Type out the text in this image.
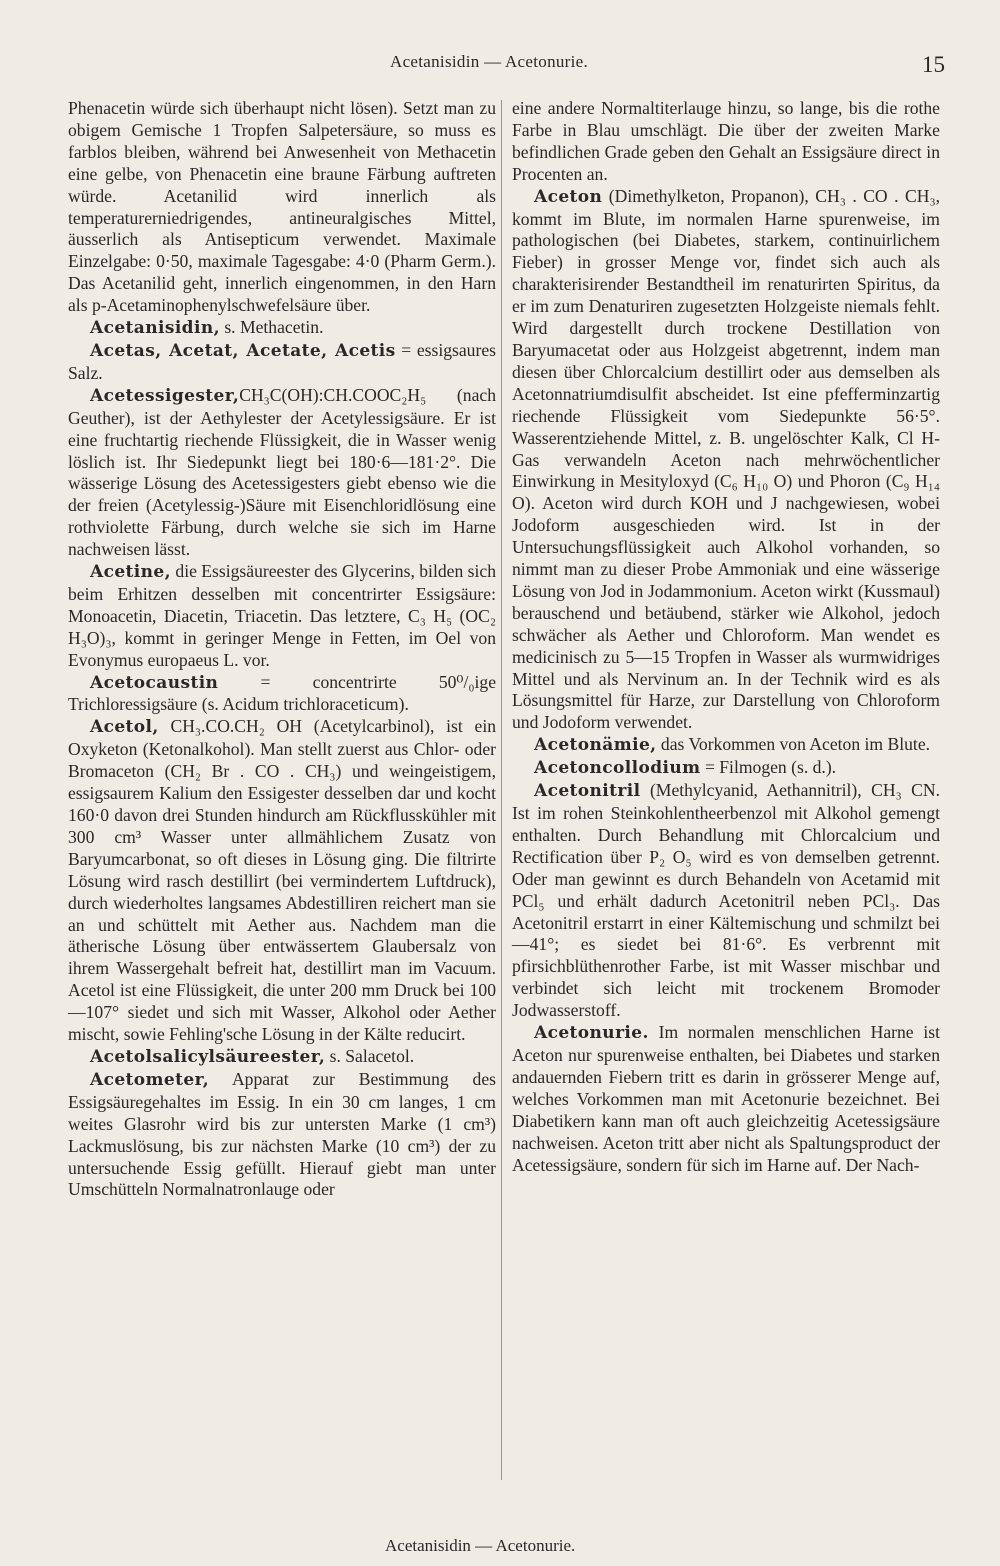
Acetanisidin — Acetonurie.	15

Phenacetin würde sich überhaupt nicht lösen). Setzt man zu obigem Gemische 1 Tropfen Salpetersäure, so muss es farblos bleiben, während bei Anwesenheit von Methacetin eine gelbe, von Phenacetin eine braune Färbung auftreten würde. Acetanilid wird innerlich als temperaturerniedrigendes, antineuralgisches Mittel, äusserlich als Antisepticum verwendet. Maximale Einzelgabe: 0·50, maximale Tagesgabe: 4·0 (Pharm Germ.). Das Acetanilid geht, innerlich eingenommen, in den Harn als p-Acetaminophenylschwefelsäure über.

Acetanisidin, s. Methacetin.

Acetas, Acetat, Acetate, Acetis = essigsaures Salz.

Acetessigester,CH₃C(OH):CH.COOC₂H₅ (nach Geuther), ist der Aethylester der Acetylessigsäure. Er ist eine fruchtartig riechende Flüssigkeit, die in Wasser wenig löslich ist. Ihr Siedepunkt liegt bei 180·6—181·2°. Die wässerige Lösung des Acetessigesters giebt ebenso wie die der freien (Acetylessig-)Säure mit Eisenchloridlösung eine rothviolette Färbung, durch welche sie sich im Harne nachweisen lässt.

Acetine, die Essigsäureester des Glycerins, bilden sich beim Erhitzen desselben mit concentrirter Essigsäure: Monoacetin, Diacetin, Triacetin. Das letztere, C₃ H₅ (OC₂ H₃O)₃, kommt in geringer Menge in Fetten, im Oel von Evonymus europaeus L. vor.

Acetocaustin = concentrirte 50⁰/₀ige Trichloressigsäure (s. Acidum trichloraceticum).

Acetol, CH₃.CO.CH₂ OH (Acetylcarbinol), ist ein Oxyketon (Ketonalkohol). Man stellt zuerst aus Chlor- oder Bromaceton (CH₂ Br . CO . CH₃) und weingeistigem, essigsaurem Kalium den Essigester desselben dar und kocht 160·0 davon drei Stunden hindurch am Rückflusskühler mit 300 cm³ Wasser unter allmählichem Zusatz von Baryumcarbonat, so oft dieses in Lösung ging. Die filtrirte Lösung wird rasch destillirt (bei vermindertem Luftdruck), durch wiederholtes langsames Abdestilliren reichert man sie an und schüttelt mit Aether aus. Nachdem man die ätherische Lösung über entwässertem Glaubersalz von ihrem Wassergehalt befreit hat, destillirt man im Vacuum. Acetol ist eine Flüssigkeit, die unter 200 mm Druck bei 100—107° siedet und sich mit Wasser, Alkohol oder Aether mischt, sowie Fehling'sche Lösung in der Kälte reducirt.

Acetolsalicylsäureester, s. Salacetol.

Acetometer, Apparat zur Bestimmung des Essigsäuregehaltes im Essig. In ein 30 cm langes, 1 cm weites Glasrohr wird bis zur untersten Marke (1 cm³) Lackmuslösung, bis zur nächsten Marke (10 cm³) der zu untersuchende Essig gefüllt. Hierauf giebt man unter Umschütteln Normalnatronlauge oder

eine andere Normaltiterlauge hinzu, so lange, bis die rothe Farbe in Blau umschlägt. Die über der zweiten Marke befindlichen Grade geben den Gehalt an Essigsäure direct in Procenten an.

Aceton (Dimethylketon, Propanon), CH₃ . CO . CH₃, kommt im Blute, im normalen Harne spurenweise, im pathologischen (bei Diabetes, starkem, continuirlichem Fieber) in grosser Menge vor, findet sich auch als charakterisirender Bestandtheil im renaturirten Spiritus, da er im zum Denaturiren zugesetzten Holzgeiste niemals fehlt. Wird dargestellt durch trockene Destillation von Baryumacetat oder aus Holzgeist abgetrennt, indem man diesen über Chlorcalcium destillirt oder aus demselben als Acetonnatriumdisulfit abscheidet. Ist eine pfefferminzartig riechende Flüssigkeit vom Siedepunkte 56·5°. Wasserentziehende Mittel, z. B. ungelöschter Kalk, Cl H-Gas verwandeln Aceton nach mehrwöchentlicher Einwirkung in Mesityloxyd (C₆ H₁₀ O) und Phoron (C₉ H₁₄ O). Aceton wird durch KOH und J nachgewiesen, wobei Jodoform ausgeschieden wird. Ist in der Untersuchungsflüssigkeit auch Alkohol vorhanden, so nimmt man zu dieser Probe Ammoniak und eine wässerige Lösung von Jod in Jodammonium. Aceton wirkt (Kussmaul) berauschend und betäubend, stärker wie Alkohol, jedoch schwächer als Aether und Chloroform. Man wendet es medicinisch zu 5—15 Tropfen in Wasser als wurmwidriges Mittel und als Nervinum an. In der Technik wird es als Lösungsmittel für Harze, zur Darstellung von Chloroform und Jodoform verwendet.

Acetonämie, das Vorkommen von Aceton im Blute.

Acetoncollodium = Filmogen (s. d.).

Acetonitril (Methylcyanid, Aethannitril), CH₃ CN. Ist im rohen Steinkohlentheerbenzol mit Alkohol gemengt enthalten. Durch Behandlung mit Chlorcalcium und Rectification über P₂ O₅ wird es von demselben getrennt. Oder man gewinnt es durch Behandeln von Acetamid mit PCl₅ und erhält dadurch Acetonitril neben PCl₃. Das Acetonitril erstarrt in einer Kältemischung und schmilzt bei —41°; es siedet bei 81·6°. Es verbrennt mit pfirsichblüthenrother Farbe, ist mit Wasser mischbar und verbindet sich leicht mit trockenem Bromoder Jodwasserstoff.

Acetonurie. Im normalen menschlichen Harne ist Aceton nur spurenweise enthalten, bei Diabetes und starken andauernden Fiebern tritt es darin in grösserer Menge auf, welches Vorkommen man mit Acetonurie bezeichnet. Bei Diabetikern kann man oft auch gleichzeitig Acetessigsäure nachweisen. Aceton tritt aber nicht als Spaltungsproduct der Acetessigsäure, sondern für sich im Harne auf. Der Nach-

Acetanisidin — Acetonurie.
